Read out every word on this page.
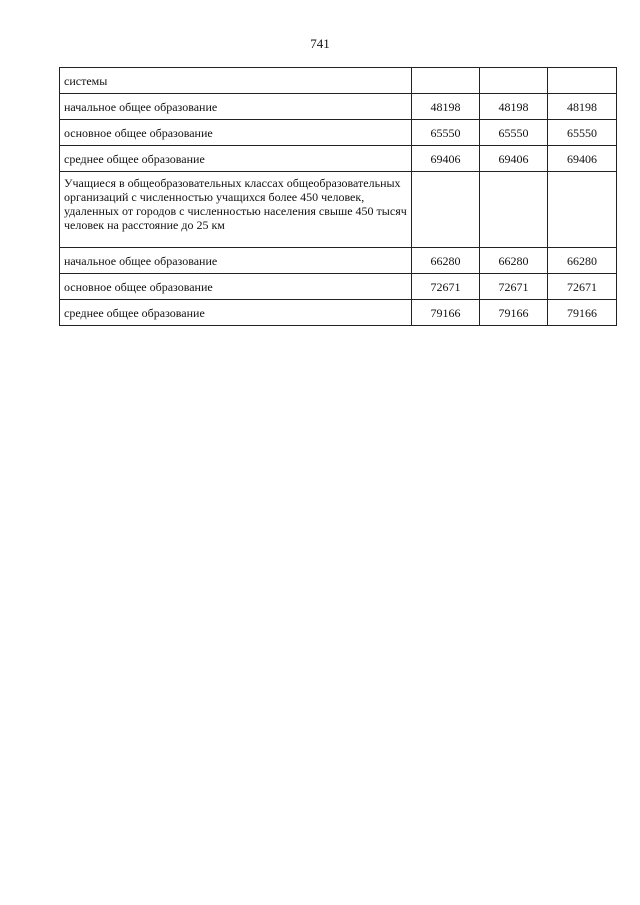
741
системы			
начальное общее образование	48198	48198	48198
основное общее образование	65550	65550	65550
среднее общее образование	69406	69406	69406
Учащиеся в общеобразовательных классах общеобразовательных организаций с численностью учащихся более 450 человек, удаленных от городов с численностью населения свыше 450 тысяч человек на расстояние до 25 км			
начальное общее образование	66280	66280	66280
основное общее образование	72671	72671	72671
среднее общее образование	79166	79166	79166
